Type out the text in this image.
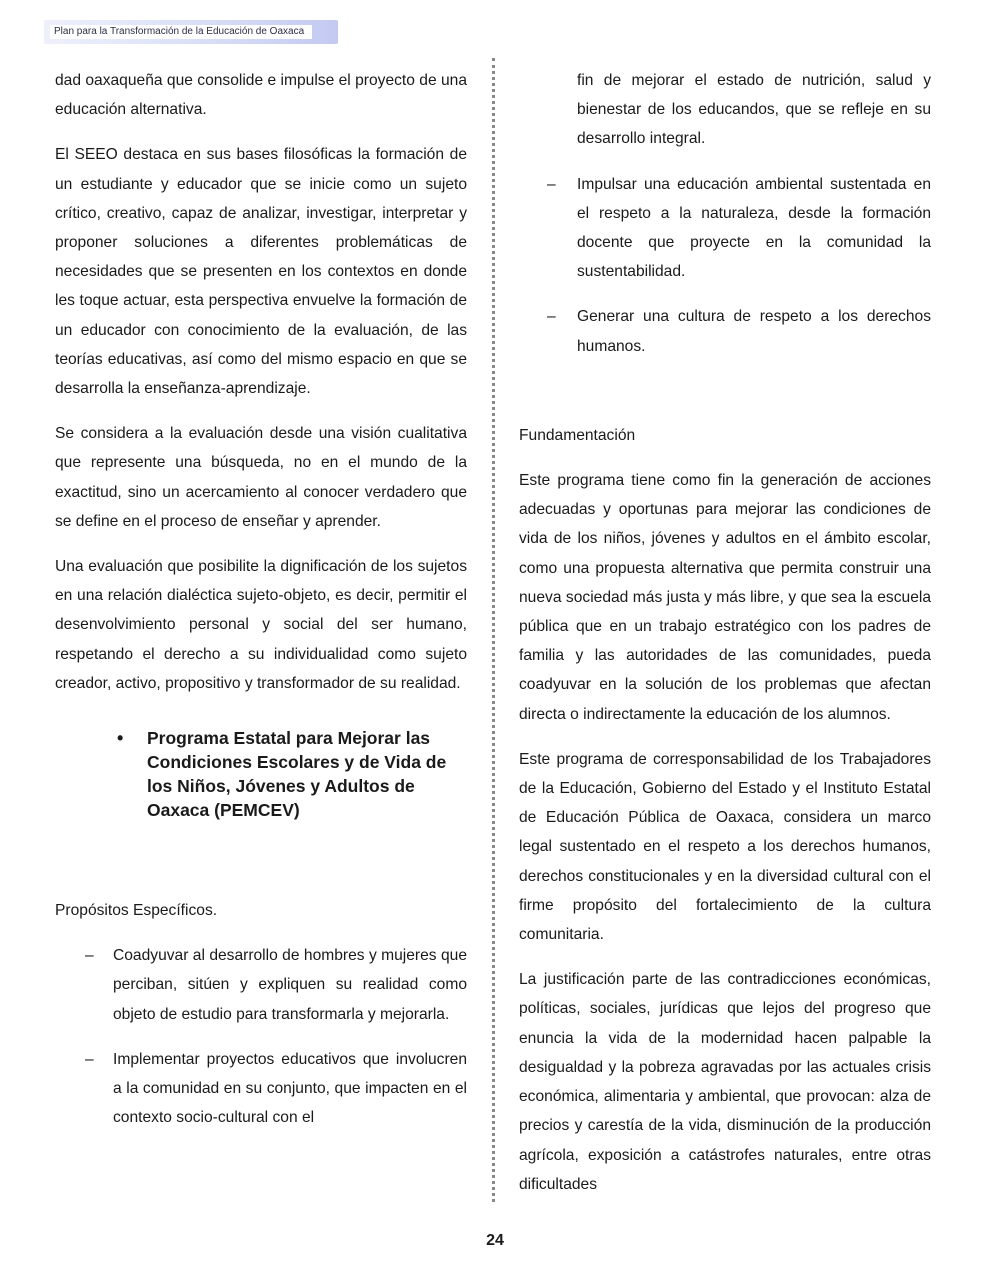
Plan para la Transformación de la Educación de Oaxaca

dad oaxaqueña que consolide e impulse el proyecto de una educación alternativa.

El SEEO destaca en sus bases filosóficas la formación de un estudiante y educador que se inicie como un sujeto crítico, creativo, capaz de analizar, investigar, interpretar y proponer soluciones a diferentes problemáticas de necesidades que se presenten en los contextos en donde les toque actuar, esta perspectiva envuelve la formación de un educador con conocimiento de la evaluación, de las teorías educativas, así como del mismo espacio en que se desarrolla la enseñanza-aprendizaje.

Se considera a la evaluación desde una visión cualitativa que represente una búsqueda, no en el mundo de la exactitud, sino un acercamiento al conocer verdadero que se define en el proceso de enseñar y aprender.

Una evaluación que posibilite la dignificación de los sujetos en una relación dialéctica sujeto-objeto, es decir, permitir el desenvolvimiento personal y social del ser humano, respetando el derecho a su individualidad como sujeto creador, activo, propositivo y transformador de su realidad.

• Programa Estatal para Mejorar las Condiciones Escolares y de Vida de los Niños, Jóvenes y Adultos de Oaxaca (PEMCEV)

Propósitos Específicos.

– Coadyuvar al desarrollo de hombres y mujeres que perciban, sitúen y expliquen su realidad como objeto de estudio para transformarla y mejorarla.
– Implementar proyectos educativos que involucren a la comunidad en su conjunto, que impacten en el contexto socio-cultural con el
fin de mejorar el estado de nutrición, salud y bienestar de los educandos, que se refleje en su desarrollo integral.
– Impulsar una educación ambiental sustentada en el respeto a la naturaleza, desde la formación docente que proyecte en la comunidad la sustentabilidad.
– Generar una cultura de respeto a los derechos humanos.

Fundamentación

Este programa tiene como fin la generación de acciones adecuadas y oportunas para mejorar las condiciones de vida de los niños, jóvenes y adultos en el ámbito escolar, como una propuesta alternativa que permita construir una nueva sociedad más justa y más libre, y que sea la escuela pública que en un trabajo estratégico con los padres de familia y las autoridades de las comunidades, pueda coadyuvar en la solución de los problemas que afectan directa o indirectamente la educación de los alumnos.

Este programa de corresponsabilidad de los Trabajadores de la Educación, Gobierno del Estado y el Instituto Estatal de Educación Pública de Oaxaca, considera un marco legal sustentado en el respeto a los derechos humanos, derechos constitucionales y en la diversidad cultural con el firme propósito del fortalecimiento de la cultura comunitaria.

La justificación parte de las contradicciones económicas, políticas, sociales, jurídicas que lejos del progreso que enuncia la vida de la modernidad hacen palpable la desigualdad y la pobreza agravadas por las actuales crisis económica, alimentaria y ambiental, que provocan: alza de precios y carestía de la vida, disminución de la producción agrícola, exposición a catástrofes naturales, entre otras dificultades

24
